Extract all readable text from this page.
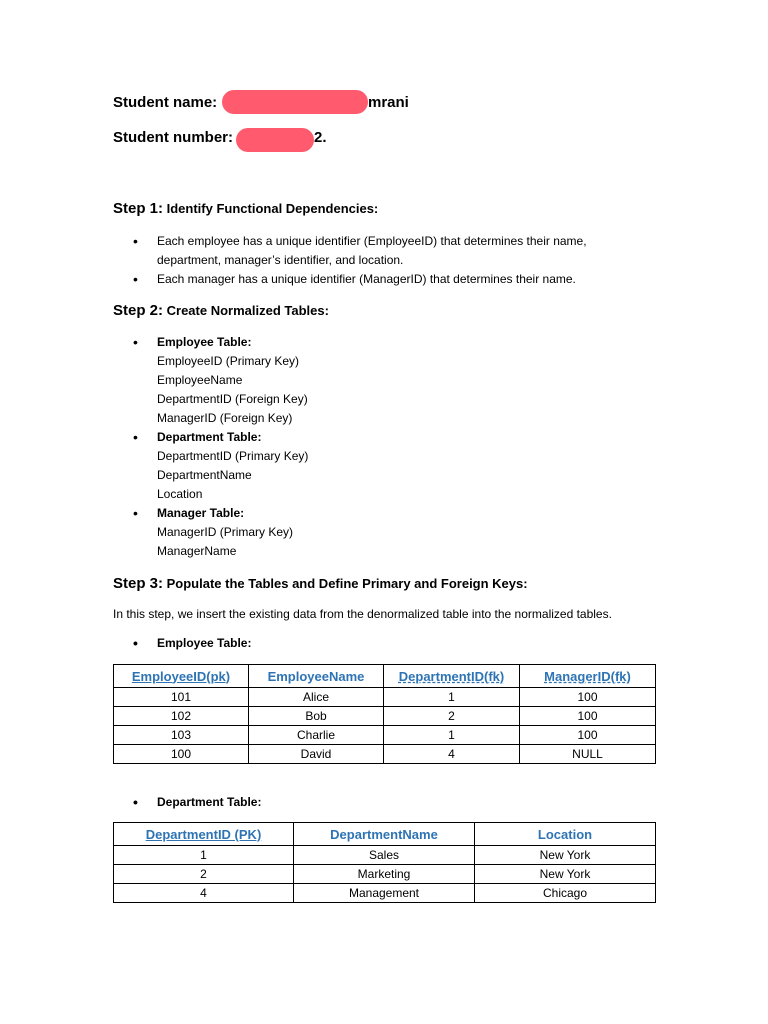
Student name:	mrani
Student number:	2.
Step 1: Identify Functional Dependencies:
• Each employee has a unique identifier (EmployeeID) that determines their name, department, manager’s identifier, and location.
• Each manager has a unique identifier (ManagerID) that determines their name.
Step 2: Create Normalized Tables:
• Employee Table:
EmployeeID (Primary Key)
EmployeeName
DepartmentID (Foreign Key)
ManagerID (Foreign Key)
• Department Table:
DepartmentID (Primary Key)
DepartmentName
Location
• Manager Table:
ManagerID (Primary Key)
ManagerName
Step 3: Populate the Tables and Define Primary and Foreign Keys:
In this step, we insert the existing data from the denormalized table into the normalized tables.
• Employee Table:
EmployeeID(pk)	EmployeeName	DepartmentID(fk)	ManagerID(fk)
101	Alice	1	100
102	Bob	2	100
103	Charlie	1	100
100	David	4	NULL
• Department Table:
DepartmentID (PK)	DepartmentName	Location
1	Sales	New York
2	Marketing	New York
4	Management	Chicago
